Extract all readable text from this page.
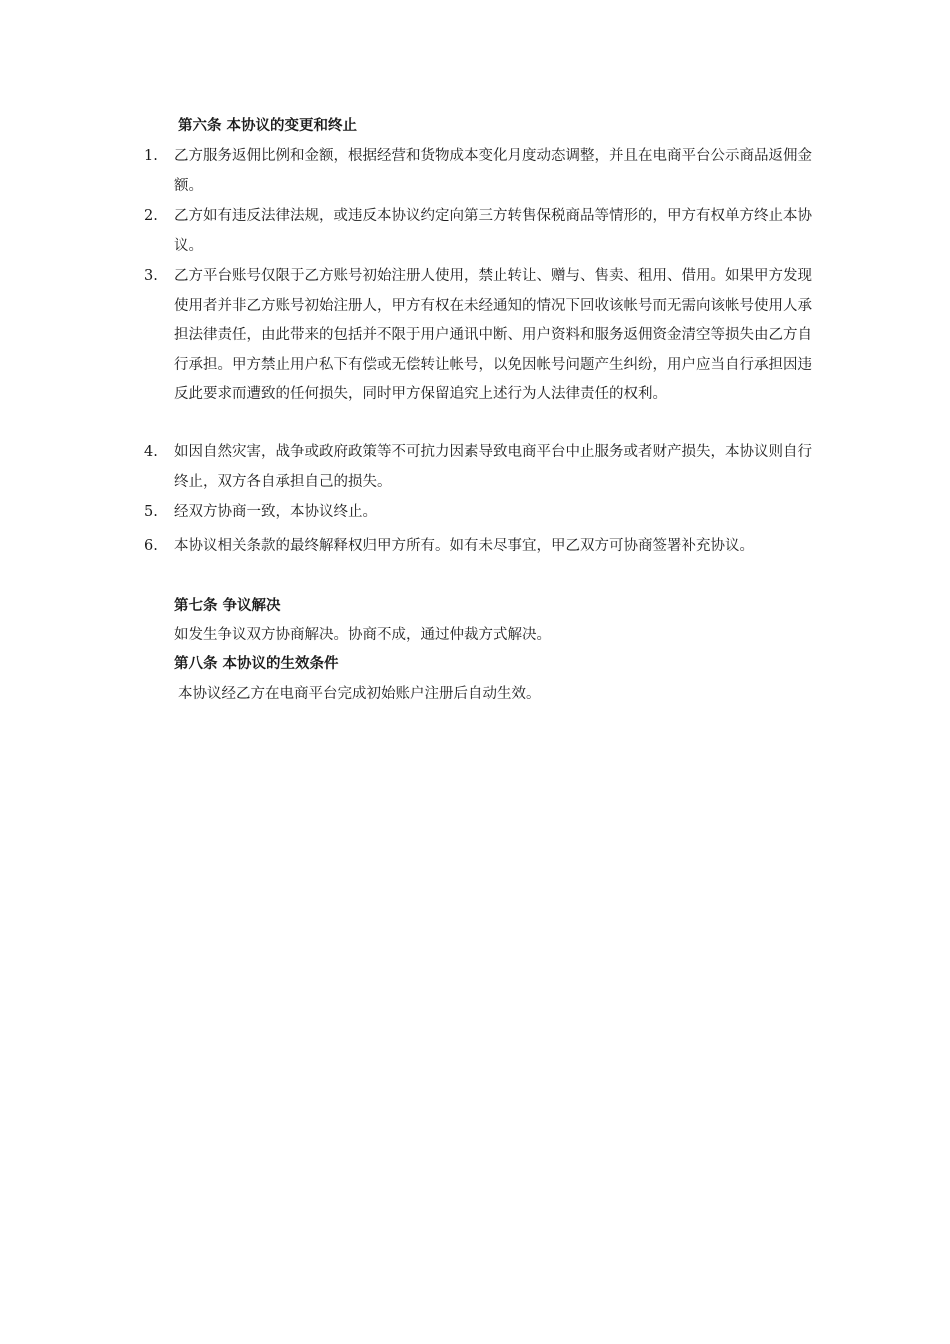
第六条 本协议的变更和终止
1. 乙方服务返佣比例和金额，根据经营和货物成本变化月度动态调整，并且在电商平台公示商品返佣金额。
2. 乙方如有违反法律法规，或违反本协议约定向第三方转售保税商品等情形的，甲方有权单方终止本协议。
3. 乙方平台账号仅限于乙方账号初始注册人使用，禁止转让、赠与、售卖、租用、借用。如果甲方发现使用者并非乙方账号初始注册人，甲方有权在未经通知的情况下回收该帐号而无需向该帐号使用人承担法律责任，由此带来的包括并不限于用户通讯中断、用户资料和服务返佣资金清空等损失由乙方自行承担。甲方禁止用户私下有偿或无偿转让帐号，以免因帐号问题产生纠纷，用户应当自行承担因违反此要求而遭致的任何损失，同时甲方保留追究上述行为人法律责任的权利。
4. 如因自然灾害，战争或政府政策等不可抗力因素导致电商平台中止服务或者财产损失，本协议则自行终止，双方各自承担自己的损失。
5. 经双方协商一致，本协议终止。
6. 本协议相关条款的最终解释权归甲方所有。如有未尽事宜，甲乙双方可协商签署补充协议。
第七条 争议解决
如发生争议双方协商解决。协商不成，通过仲裁方式解决。
第八条 本协议的生效条件
本协议经乙方在电商平台完成初始账户注册后自动生效。
